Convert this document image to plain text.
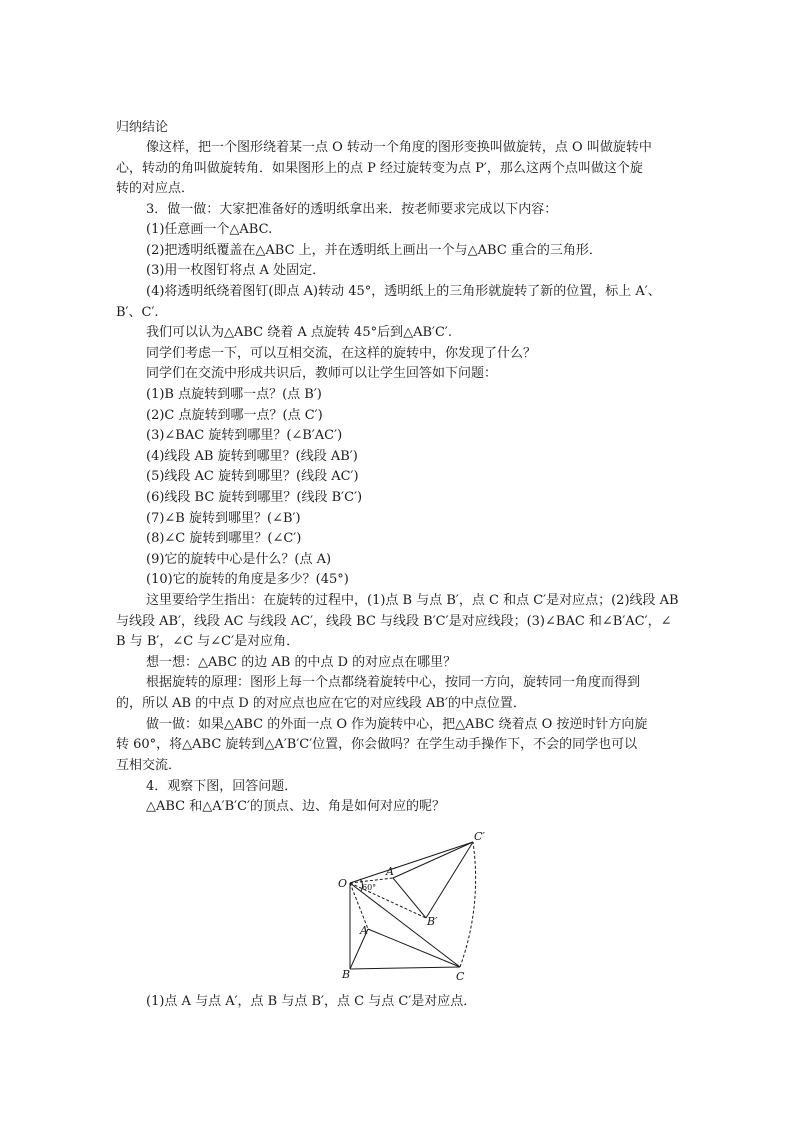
归纳结论
像这样，把一个图形绕着某一点 O 转动一个角度的图形变换叫做旋转，点 O 叫做旋转中
心，转动的角叫做旋转角．如果图形上的点 P 经过旋转变为点 P′，那么这两个点叫做这个旋
转的对应点．
3．做一做：大家把准备好的透明纸拿出来．按老师要求完成以下内容：
(1)任意画一个△ABC.
(2)把透明纸覆盖在△ABC 上，并在透明纸上画出一个与△ABC 重合的三角形．
(3)用一枚图钉将点 A 处固定．
(4)将透明纸绕着图钉(即点 A)转动 45°，透明纸上的三角形就旋转了新的位置，标上 A′、
B′、C′.
我们可以认为△ABC 绕着 A 点旋转 45°后到△AB′C′.
同学们考虑一下，可以互相交流，在这样的旋转中，你发现了什么？
同学们在交流中形成共识后，教师可以让学生回答如下问题：
(1)B 点旋转到哪一点？(点 B′)
(2)C 点旋转到哪一点？(点 C′)
(3)∠BAC 旋转到哪里？(∠B′AC′)
(4)线段 AB 旋转到哪里？(线段 AB′)
(5)线段 AC 旋转到哪里？(线段 AC′)
(6)线段 BC 旋转到哪里？(线段 B′C′)
(7)∠B 旋转到哪里？(∠B′)
(8)∠C 旋转到哪里？(∠C′)
(9)它的旋转中心是什么？(点 A)
(10)它的旋转的角度是多少？(45°)
这里要给学生指出：在旋转的过程中，(1)点 B 与点 B′，点 C 和点 C′是对应点；(2)线段 AB
与线段 AB′，线段 AC 与线段 AC′，线段 BC 与线段 B′C′是对应线段；(3)∠BAC 和∠B′AC′，∠
B 与 B′，∠C 与∠C′是对应角．
想一想：△ABC 的边 AB 的中点 D 的对应点在哪里？
根据旋转的原理：图形上每一个点都绕着旋转中心，按同一方向，旋转同一角度而得到
的，所以 AB 的中点 D 的对应点也应在它的对应线段 AB′的中点位置．
做一做：如果△ABC 的外面一点 O 作为旋转中心，把△ABC 绕着点 O 按逆时针方向旋
转 60°，将△ABC 旋转到△A′B′C′位置，你会做吗？在学生动手操作下，不会的同学也可以
互相交流．
4．观察下图，回答问题．
△ABC 和△A′B′C′的顶点、边、角是如何对应的呢？
O
A
B	C
A′
B′
C′
60°
(1)点 A 与点 A′，点 B 与点 B′，点 C 与点 C′是对应点．
